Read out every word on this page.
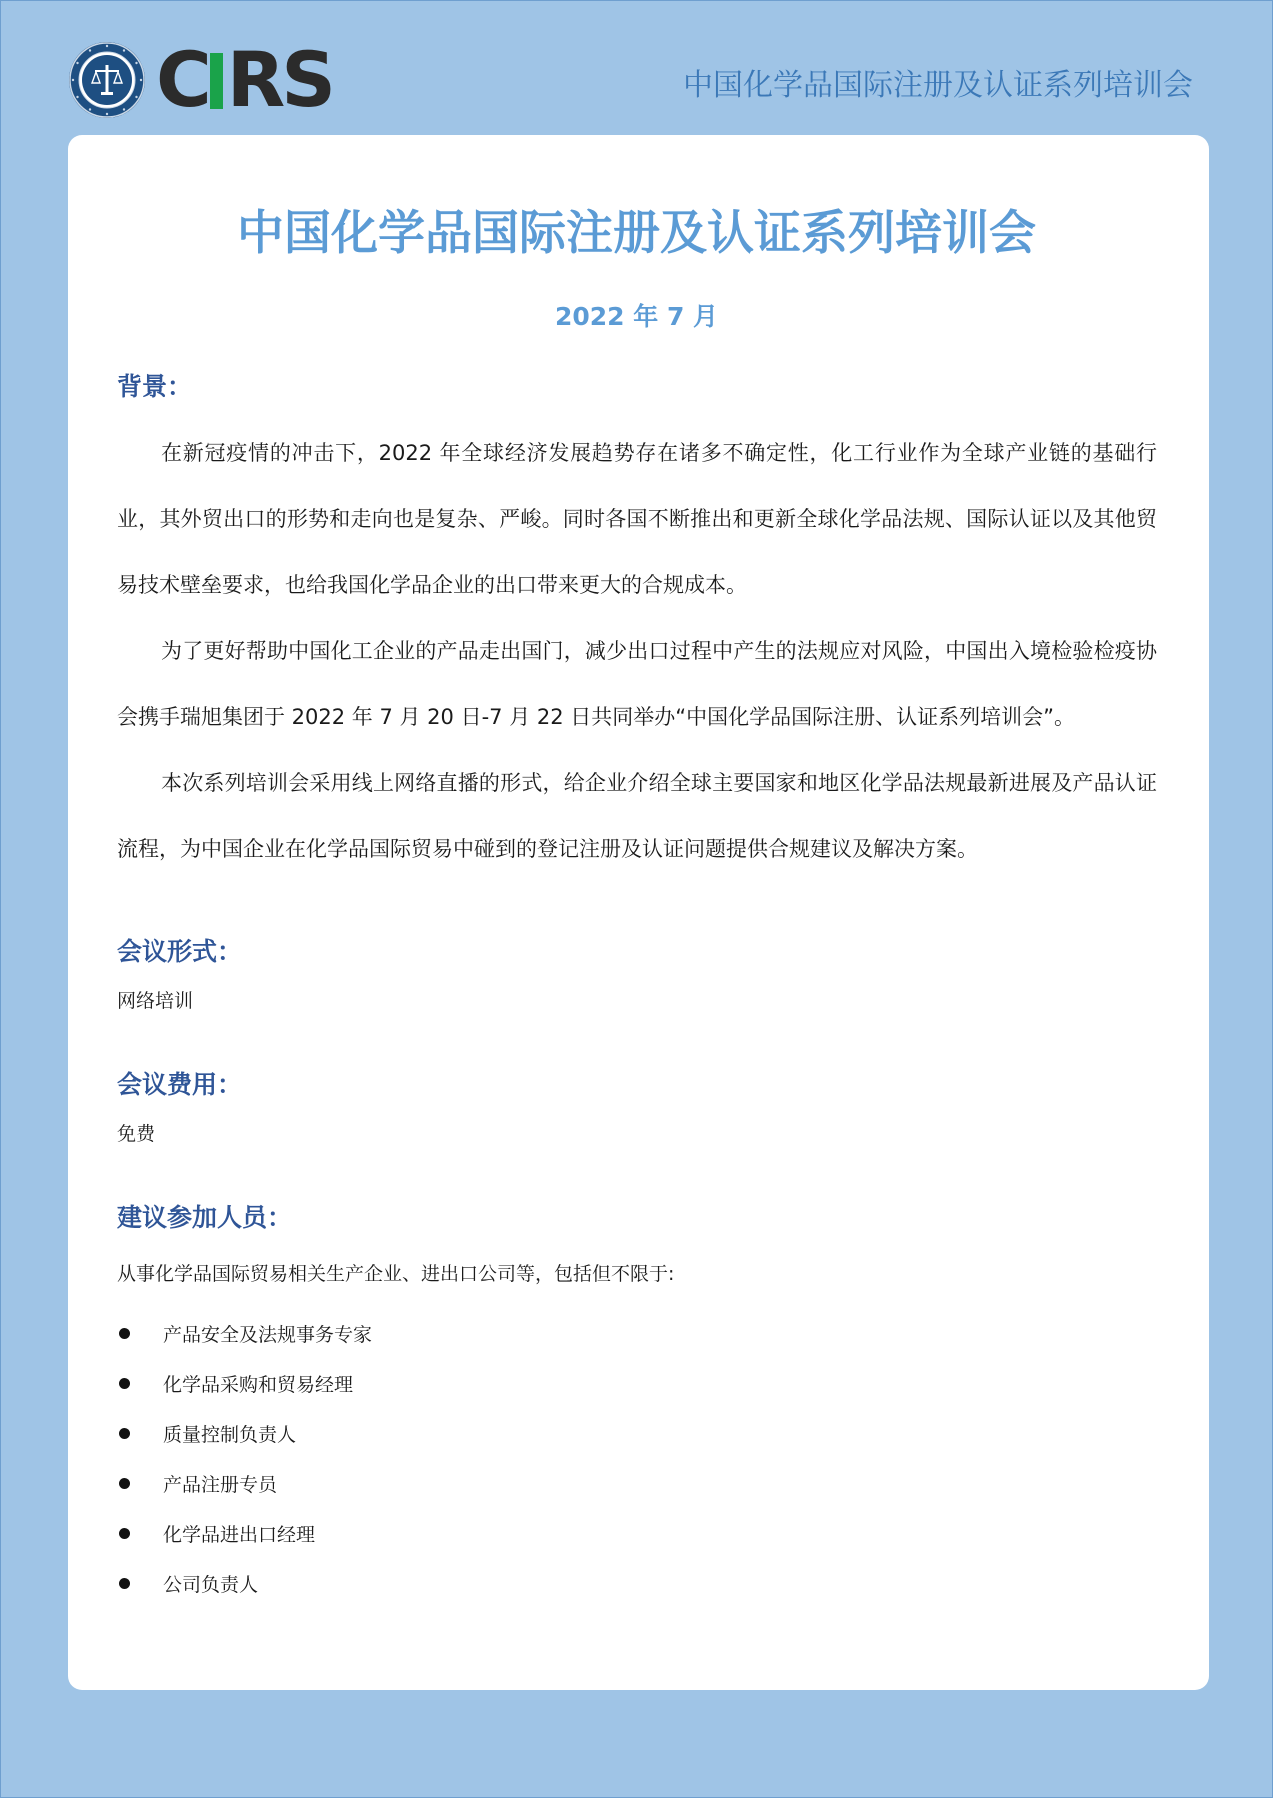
C RS	中国化学品国际注册及认证系列培训会
中国化学品国际注册及认证系列培训会
2022 年 7 月
背景：
在新冠疫情的冲击下，2022 年全球经济发展趋势存在诸多不确定性，化工行业作为全球产业链的基础行业，其外贸出口的形势和走向也是复杂、严峻。同时各国不断推出和更新全球化学品法规、国际认证以及其他贸易技术壁垒要求，也给我国化学品企业的出口带来更大的合规成本。
为了更好帮助中国化工企业的产品走出国门，减少出口过程中产生的法规应对风险，中国出入境检验检疫协会携手瑞旭集团于 2022 年 7 月 20 日-7 月 22 日共同举办“中国化学品国际注册、认证系列培训会”。
本次系列培训会采用线上网络直播的形式，给企业介绍全球主要国家和地区化学品法规最新进展及产品认证流程，为中国企业在化学品国际贸易中碰到的登记注册及认证问题提供合规建议及解决方案。
会议形式：
网络培训
会议费用：
免费
建议参加人员：
从事化学品国际贸易相关生产企业、进出口公司等，包括但不限于:
产品安全及法规事务专家
化学品采购和贸易经理
质量控制负责人
产品注册专员
化学品进出口经理
公司负责人
